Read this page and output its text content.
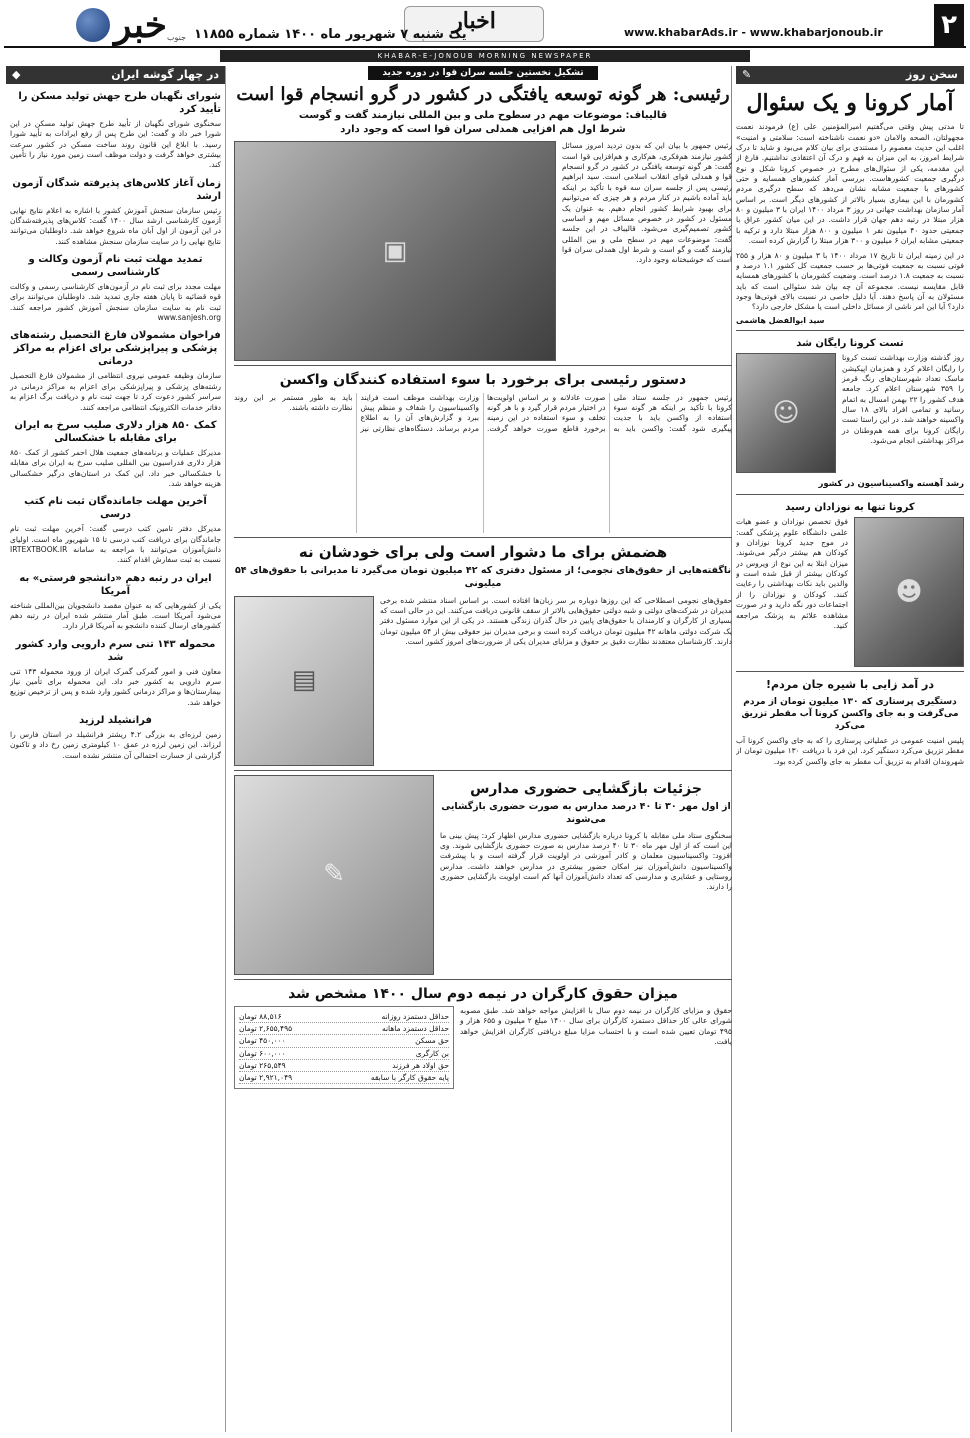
۲
www.khabarAds.ir - www.khabarjonoub.ir
اخبار
یک شنبه ۷ شهریور ماه ۱۴۰۰ شماره ۱۱۸۵۵
جنوب
خبر
KHABAR-E-JONOUB MORNING NEWSPAPER
سخن روز
✎
آمار کرونا و یک سئوال

تا مدتی پیش وقتی می‌گفتیم امیرالمؤمنین علی (ع) فرمودند نعمت مجهولتان، الصحه والامان «دو نعمت ناشناخته است: سلامتی و امنیت» اغلب این حدیث معصوم را مستندی برای بیان کلام می‌بود و شاید تا درک شرایط امروز، به این میزان به فهم و درک آن اعتقادی نداشتیم. فارغ از این مقدمه، یکی از سئوال‌های مطرح در خصوص کرونا شکل و نوع درگیری جمعیت کشورهاست. بررسی آمار کشورهای همسایه و حتی کشورهای با جمعیت مشابه نشان می‌دهد که سطح درگیری مردم کشورمان با این بیماری بسیار بالاتر از کشورهای دیگر است. بر اساس آمار سازمان بهداشت جهانی در روز ۳ مرداد ۱۴۰۰ ایران با ۳ میلیون و ۸۰ هزار مبتلا در رتبه دهم جهان قرار داشت. در این میان کشور عراق با جمعیتی حدود ۴۰ میلیون نفر ۱ میلیون و ۸۰۰ هزار مبتلا دارد و ترکیه با جمعیتی مشابه ایران ۶ میلیون و ۳۰۰ هزار مبتلا را گزارش کرده است.

در این زمینه ایران تا تاریخ ۱۷ مرداد ۱۴۰۰ با ۳ میلیون و ۸۰ هزار و ۲۵۵ فوتی نسبت به جمعیت فوتی‌ها بر حسب جمعیت کل کشور ۱.۱ درصد و نسبت به جمعیت ۱.۸ درصد است. وضعیت کشورمان با کشورهای همسایه قابل مقایسه نیست. مجموعه آن چه بیان شد سئوالی است که باید مسئولان به آن پاسخ دهند. آیا دلیل خاصی در نسبت بالای فوتی‌ها وجود دارد؟ آیا این امر ناشی از مسائل داخلی است یا مشکل خارجی دارد؟

سید ابوالفضل هاشمی
تست کرونا رایگان شد

روز گذشته وزارت بهداشت تست کرونا را رایگان اعلام کرد و همزمان اپیکیشن ماسک تعداد شهرستان‌های رنگ قرمز را ۳۵۹ شهرستان اعلام کرد. جامعه هدف کشور را ۲۲ بهمن امسال به اتمام رسانید و تمامی افراد بالای ۱۸ سال واکسینه خواهند شد. در این راستا تست رایگان کرونا برای همه هم‌وطنان در مراکز بهداشتی انجام می‌شود.

☺
رشد آهسته واکسیناسیون در کشور
کرونا تنها به نوزادان رسید
☻

فوق تخصص نوزادان و عضو هیات علمی دانشگاه علوم پزشکی گفت: در موج جدید کرونا نوزادان و کودکان هم بیشتر درگیر می‌شوند. میزان ابتلا به این نوع از ویروس در کودکان بیشتر از قبل شده است و والدین باید نکات بهداشتی را رعایت کنند. کودکان و نوزادان را از اجتماعات دور نگه دارید و در صورت مشاهده علائم به پزشک مراجعه کنید.

در آمد زایی با شیره جان مردم!
دستگیری پرستاری که ۱۳۰ میلیون تومان از مردم می‌گرفت و به جای واکسن کرونا آب مقطر تزریق می‌کرد

پلیس امنیت عمومی در عملیاتی پرستاری را که به جای واکسن کرونا آب مقطر تزریق می‌کرد دستگیر کرد. این فرد با دریافت ۱۳۰ میلیون تومان از شهروندان اقدام به تزریق آب مقطر به جای واکسن کرده بود.

تشکیل نخستین جلسه سران قوا در دوره جدید
رئیسی: هر گونه توسعه یافتگی در کشور در گرو انسجام قوا است
قالیباف: موضوعات مهم در سطوح ملی و بین المللی نیازمند گفت و گوست
شرط اول هم افزایی همدلی سران قوا است که وجود دارد

رئیس جمهور با بیان این که بدون تردید امروز مسائل کشور نیازمند هم‌فکری، هم‌کاری و هم‌افزایی قوا است گفت: هر گونه توسعه یافتگی در کشور در گرو انسجام قوا و همدلی قوای انقلاب اسلامی است. سید ابراهیم رئیسی پس از جلسه سران سه قوه با تأکید بر اینکه باید آماده باشیم در کنار مردم و هر چیزی که می‌توانیم برای بهبود شرایط کشور انجام دهیم. به عنوان یک مسئول در کشور در خصوص مسائل مهم و اساسی کشور تصمیم‌گیری می‌شود. قالیباف در این جلسه گفت: موضوعات مهم در سطح ملی و بین المللی نیازمند گفت و گو است و شرط اول همدلی سران قوا است که خوشبختانه وجود دارد.

▣
دستور رئیسی برای برخورد با سوء استفاده کنندگان واکسن

رئیس جمهور در جلسه ستاد ملی کرونا با تأکید بر اینکه هر گونه سوء استفاده از واکسن باید با جدیت پیگیری شود گفت: واکسن باید به صورت عادلانه و بر اساس اولویت‌ها در اختیار مردم قرار گیرد و با هر گونه تخلف و سوء استفاده در این زمینه برخورد قاطع صورت خواهد گرفت. وزارت بهداشت موظف است فرایند واکسیناسیون را شفاف و منظم پیش ببرد و گزارش‌های آن را به اطلاع مردم برساند. دستگاه‌های نظارتی نیز باید به طور مستمر بر این روند نظارت داشته باشند.

هضمش برای ما دشوار است ولی برای خودشان نه
ناگفته‌هایی از حقوق‌های نجومی؛ از مسئول دفتری که ۴۲ میلیون تومان می‌گیرد تا مدیرانی با حقوق‌های ۵۴ میلیونی

حقوق‌های نجومی اصطلاحی که این روزها دوباره بر سر زبان‌ها افتاده است. بر اساس اسناد منتشر شده برخی مدیران در شرکت‌های دولتی و شبه دولتی حقوق‌هایی بالاتر از سقف قانونی دریافت می‌کنند. این در حالی است که بسیاری از کارگران و کارمندان با حقوق‌های پایین در حال گذران زندگی هستند. در یکی از این موارد مسئول دفتر یک شرکت دولتی ماهانه ۴۲ میلیون تومان دریافت کرده است و برخی مدیران نیز حقوقی بیش از ۵۴ میلیون تومان دارند. کارشناسان معتقدند نظارت دقیق بر حقوق و مزایای مدیران یکی از ضرورت‌های امروز کشور است.

▤
جزئیات بازگشایی حضوری مدارس
از اول مهر ۳۰ تا ۴۰ درصد مدارس به صورت حضوری بازگشایی می‌شوند

سخنگوی ستاد ملی مقابله با کرونا درباره بازگشایی حضوری مدارس اظهار کرد: پیش بینی ما این است که از اول مهر ماه ۳۰ تا ۴۰ درصد مدارس به صورت حضوری بازگشایی شوند. وی افزود: واکسیناسیون معلمان و کادر آموزشی در اولویت قرار گرفته است و با پیشرفت واکسیناسیون دانش‌آموزان نیز امکان حضور بیشتری در مدارس خواهند داشت. مدارس روستایی و عشایری و مدارسی که تعداد دانش‌آموزان آنها کم است اولویت بازگشایی حضوری را دارند.

✎
میزان حقوق کارگران در نیمه دوم سال ۱۴۰۰ مشخص شد

حقوق و مزایای کارگران در نیمه دوم سال با افزایش مواجه خواهد شد. طبق مصوبه شورای عالی کار حداقل دستمزد کارگران برای سال ۱۴۰۰ مبلغ ۲ میلیون و ۶۵۵ هزار و ۴۹۵ تومان تعیین شده است و با احتساب مزایا مبلغ دریافتی کارگران افزایش خواهد یافت.

حداقل دستمزد روزانه
۸۸,۵۱۶ تومان
حداقل دستمزد ماهانه
۲,۶۵۵,۴۹۵ تومان
حق مسکن
۴۵۰,۰۰۰ تومان
بن کارگری
۶۰۰,۰۰۰ تومان
حق اولاد هر فرزند
۲۶۵,۵۴۹ تومان
پایه حقوق کارگر با سابقه
۲,۹۲۱,۰۴۹ تومان
در چهار گوشه ایران
◆
شورای نگهبان طرح جهش تولید مسکن را تأیید کرد

سخنگوی شورای نگهبان از تأیید طرح جهش تولید مسکن در این شورا خبر داد و گفت: این طرح پس از رفع ایرادات به تأیید شورا رسید. با ابلاغ این قانون روند ساخت مسکن در کشور سرعت بیشتری خواهد گرفت و دولت موظف است زمین مورد نیاز را تأمین کند.

زمان آغاز کلاس‌های پذیرفته شدگان آزمون ارشد

رئیس سازمان سنجش آموزش کشور با اشاره به اعلام نتایج نهایی آزمون کارشناسی ارشد سال ۱۴۰۰ گفت: کلاس‌های پذیرفته‌شدگان در این آزمون از اول آبان ماه شروع خواهد شد. داوطلبان می‌توانند نتایج نهایی را در سایت سازمان سنجش مشاهده کنند.

تمدید مهلت ثبت نام آزمون وکالت و کارشناسی رسمی

مهلت مجدد برای ثبت نام در آزمون‌های کارشناسی رسمی و وکالت قوه قضائیه تا پایان هفته جاری تمدید شد. داوطلبان می‌توانند برای ثبت نام به سایت سازمان سنجش آموزش کشور مراجعه کنند. www.sanjesh.org

فراخوان مشمولان فارغ التحصیل رشته‌های پزشکی و پیراپزشکی برای اعزام به مراکز درمانی

سازمان وظیفه عمومی نیروی انتظامی از مشمولان فارغ التحصیل رشته‌های پزشکی و پیراپزشکی برای اعزام به مراکز درمانی در سراسر کشور دعوت کرد تا جهت ثبت نام و دریافت برگ اعزام به دفاتر خدمات الکترونیک انتظامی مراجعه کنند.

کمک ۸۵۰ هزار دلاری صلیب سرخ به ایران برای مقابله با خشکسالی

مدیرکل عملیات و برنامه‌های جمعیت هلال احمر کشور از کمک ۸۵۰ هزار دلاری فدراسیون بین المللی صلیب سرخ به ایران برای مقابله با خشکسالی خبر داد. این کمک در استان‌های درگیر خشکسالی هزینه خواهد شد.

آخرین مهلت جامانده‌گان ثبت نام کتب درسی

مدیرکل دفتر تامین کتب درسی گفت: آخرین مهلت ثبت نام جاماندگان برای دریافت کتب درسی تا ۱۵ شهریور ماه است. اولیای دانش‌آموزان می‌توانند با مراجعه به سامانه IRTEXTBOOK.IR نسبت به ثبت سفارش اقدام کنند.

ایران در رتبه دهم «دانشجو فرستی» به آمریکا

یکی از کشورهایی که به عنوان مقصد دانشجویان بین‌المللی شناخته می‌شود آمریکا است. طبق آمار منتشر شده ایران در رتبه دهم کشورهای ارسال کننده دانشجو به آمریکا قرار دارد.

محموله ۱۴۳ تنی سرم دارویی وارد کشور شد

معاون فنی و امور گمرکی گمرک ایران از ورود محموله ۱۴۳ تنی سرم دارویی به کشور خبر داد. این محموله برای تأمین نیاز بیمارستان‌ها و مراکز درمانی کشور وارد شده و پس از ترخیص توزیع خواهد شد.

فرانشیلد لرزید

زمین لرزه‌ای به بزرگی ۴.۲ ریشتر فرانشیلد در استان فارس را لرزاند. این زمین لرزه در عمق ۱۰ کیلومتری زمین رخ داد و تاکنون گزارشی از خسارت احتمالی آن منتشر نشده است.
